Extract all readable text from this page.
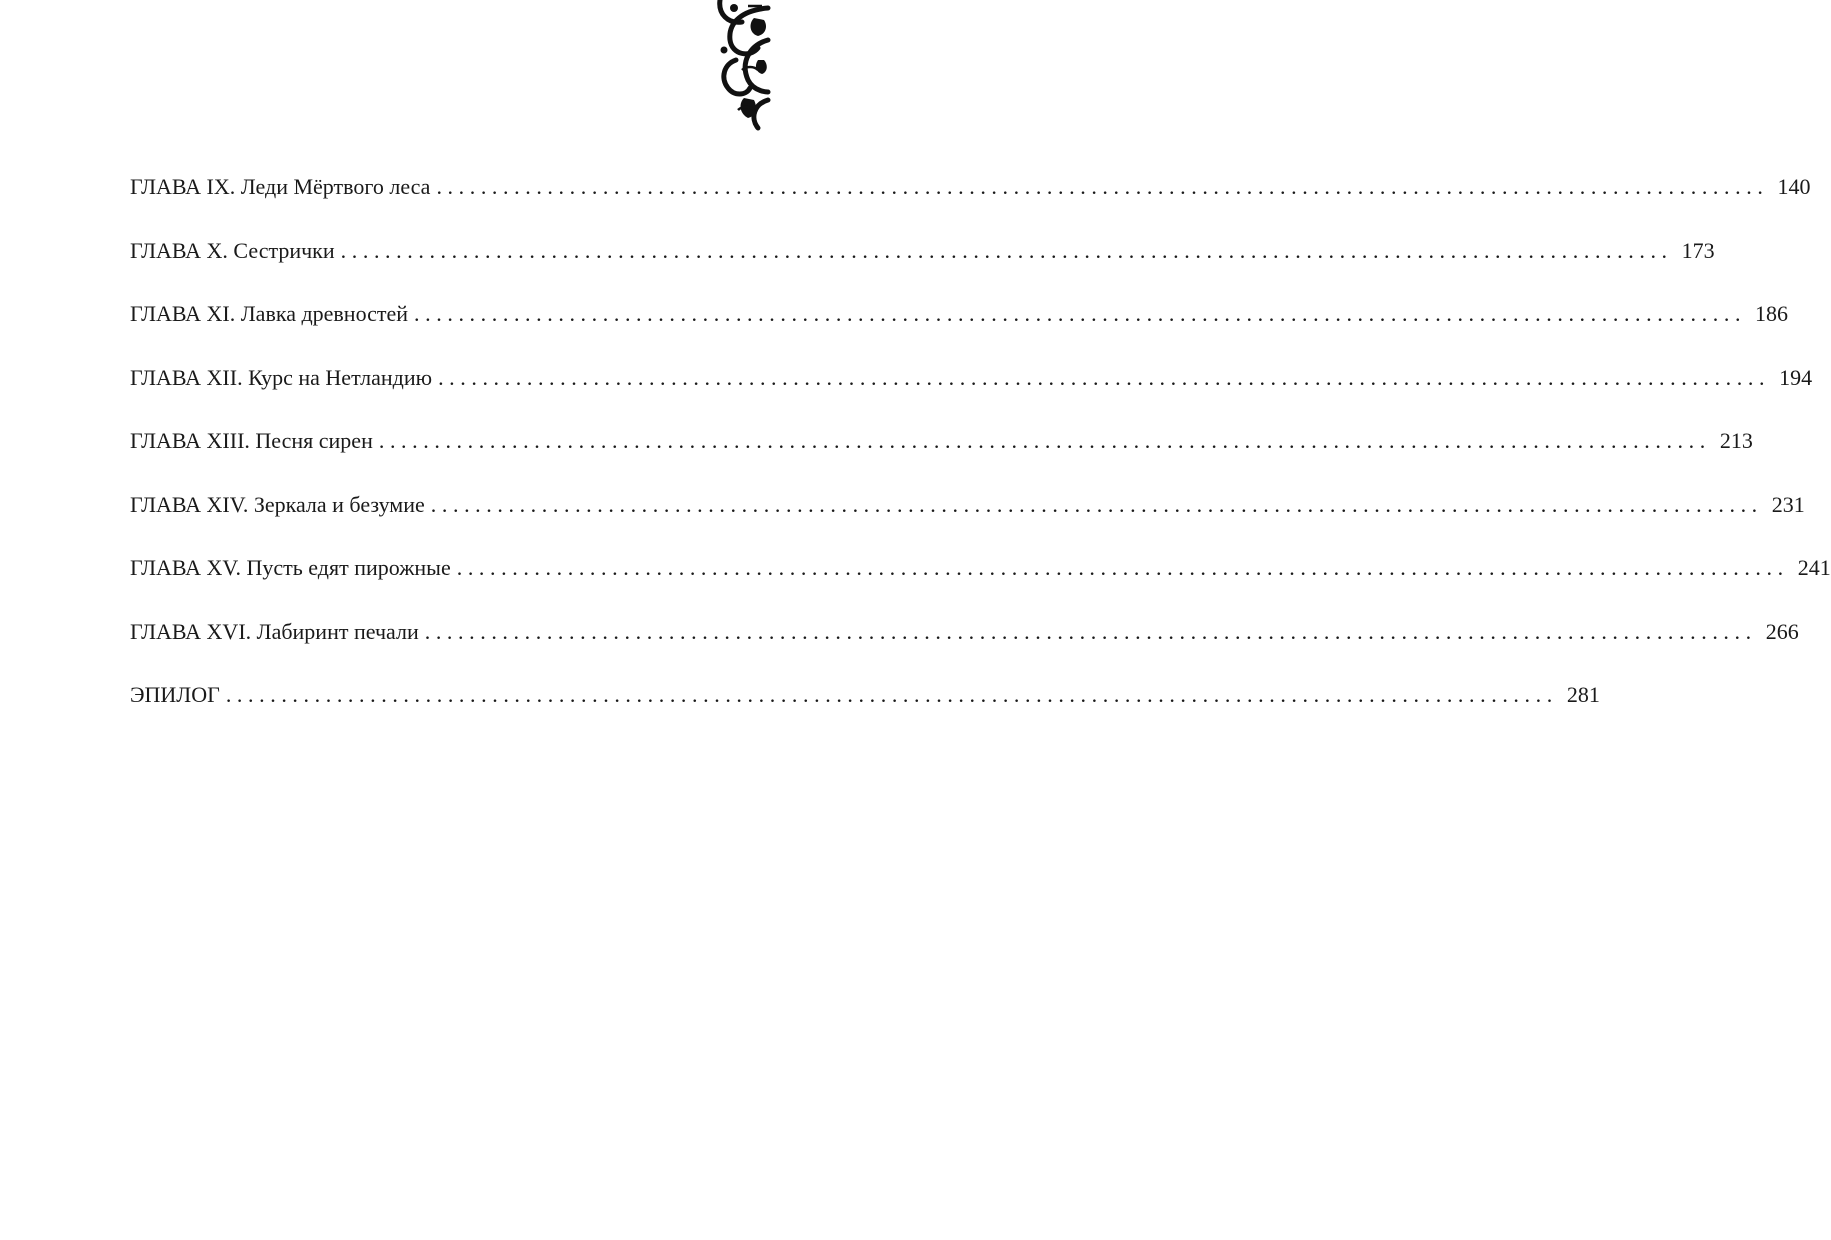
ГЛАВА IX. Леди Мёртвого леса ........................................................................................................................ 140
ГЛАВА X. Сестрички ........................................................................................................................ 173
ГЛАВА XI. Лавка древностей ........................................................................................................................ 186
ГЛАВА XII. Курс на Нетландию ........................................................................................................................ 194
ГЛАВА XIII. Песня сирен ........................................................................................................................ 213
ГЛАВА XIV. Зеркала и безумие ........................................................................................................................ 231
ГЛАВА XV. Пусть едят пирожные ........................................................................................................................ 241
ГЛАВА XVI. Лабиринт печали ........................................................................................................................ 266
ЭПИЛОГ ........................................................................................................................ 281
